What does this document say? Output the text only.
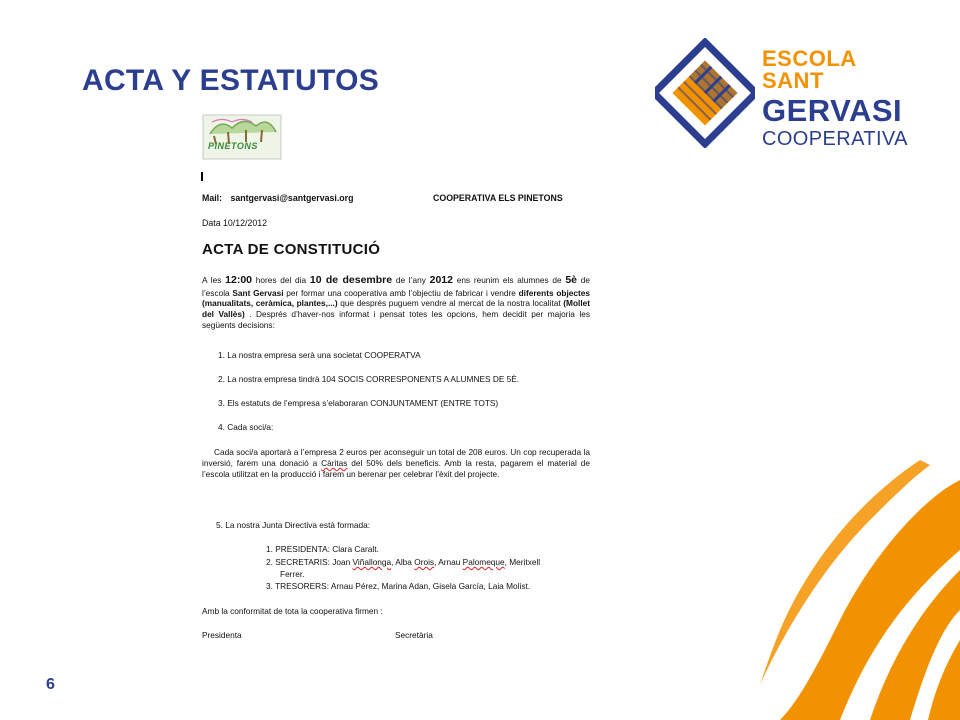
ACTA Y ESTATUTOS
ESCOLA SANT
GERVASI
COOPERATIVA
PINETONS
Mail: santgervasi@santgervasi.org	COOPERATIVA ELS PINETONS
Data 10/12/2012
ACTA DE CONSTITUCIÓ
A les 12:00 hores del dia 10 de desembre de l’any 2012 ens reunim els alumnes de 5è de l’escola Sant Gervasi per formar una cooperativa amb l’objectiu de fabricar i vendre diferents objectes (manualitats, ceràmica, plantes,...) que després puguem vendre al mercat de la nostra localitat (Mollet del Vallès) . Després d’haver-nos informat i pensat totes les opcions, hem decidit per majoria les següents decisions:
1. La nostra empresa serà una societat COOPERATVA
2. La nostra empresa tindrà 104 SOCIS CORRESPONENTS A ALUMNES DE 5È.
3. Els estatuts de l’empresa s’elaboraran CONJUNTAMENT (ENTRE TOTS)
4. Cada soci/a:
Cada soci/a aportarà a l’empresa 2 euros per aconseguir un total de 208 euros. Un cop recuperada la inversió, farem una donació a Càritas del 50% dels beneficis. Amb la resta, pagarem el material de l’escola utilitzat en la producció i farem un berenar per celebrar l’èxit del projecte.
5. La nostra Junta Directiva està formada:
1. PRESIDENTA: Clara Caralt.
2. SECRETARIS: Joan Viñallonga, Alba Orois, Arnau Palomeque, Meritxell
Ferrer.
3. TRESORERS: Arnau Pérez, Marina Adan, Gisela García, Laia Molist.
Amb la conformitat de tota la cooperativa firmen :
Presidenta	Secretària
6
